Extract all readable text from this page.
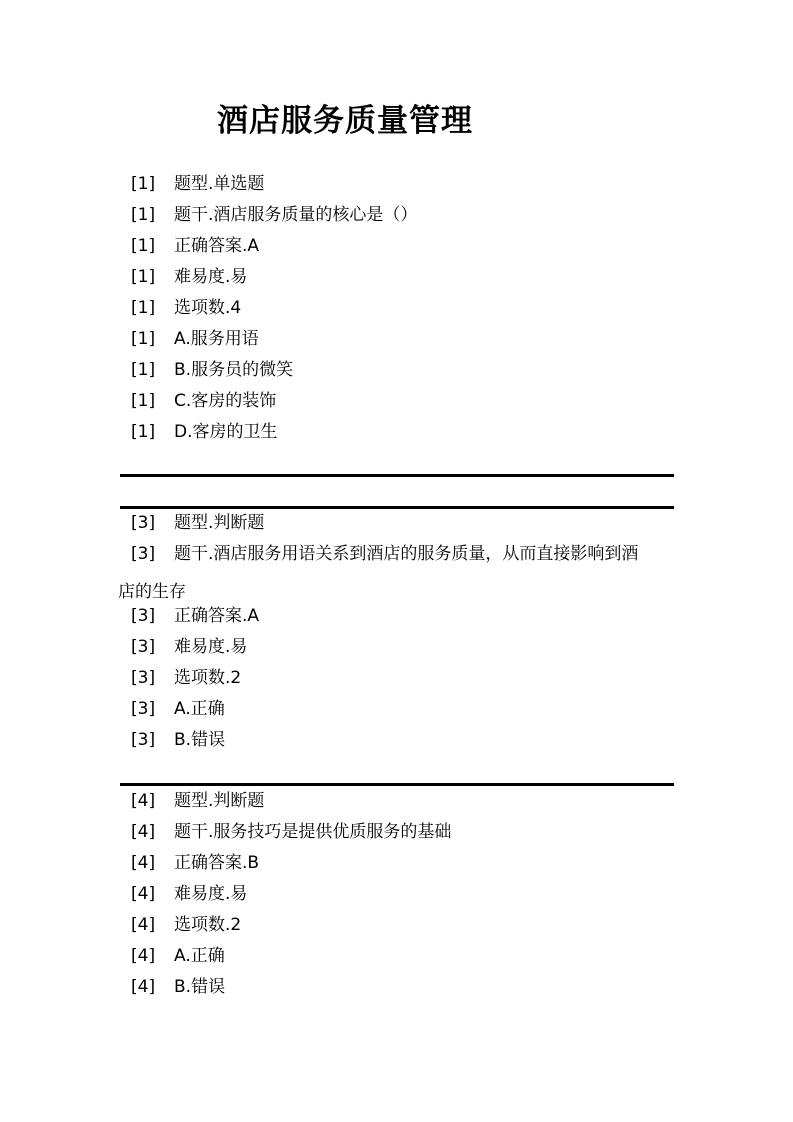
酒店服务质量管理
[1] 题型.单选题
[1] 题干.酒店服务质量的核心是（）
[1] 正确答案.A
[1] 难易度.易
[1] 选项数.4
[1] A.服务用语
[1] B.服务员的微笑
[1] C.客房的装饰
[1] D.客房的卫生
[3] 题型.判断题
[3] 题干.酒店服务用语关系到酒店的服务质量，从而直接影响到酒
店的生存
[3] 正确答案.A
[3] 难易度.易
[3] 选项数.2
[3] A.正确
[3] B.错误
[4] 题型.判断题
[4] 题干.服务技巧是提供优质服务的基础
[4] 正确答案.B
[4] 难易度.易
[4] 选项数.2
[4] A.正确
[4] B.错误
